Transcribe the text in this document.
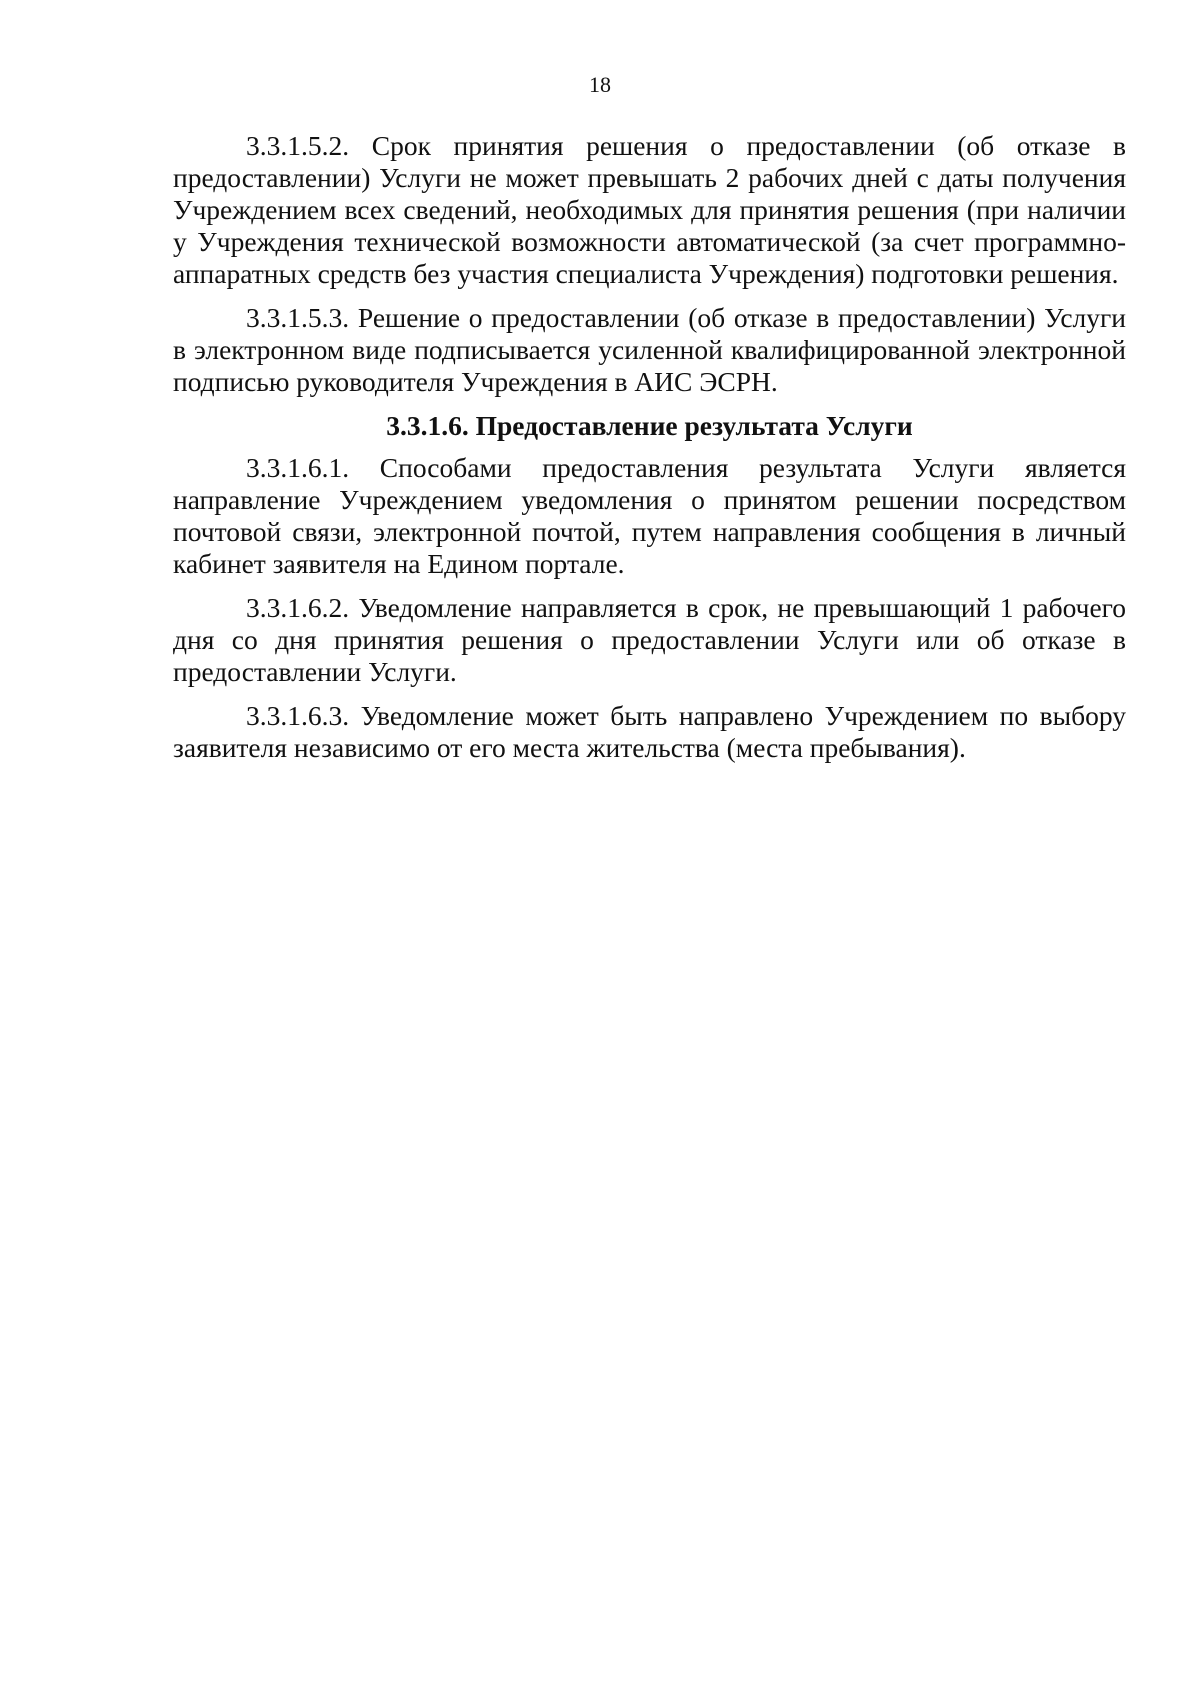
18

3.3.1.5.2. Срок принятия решения о предоставлении (об отказе в предоставлении) Услуги не может превышать 2 рабочих дней с даты получения Учреждением всех сведений, необходимых для принятия решения (при наличии у Учреждения технической возможности автоматической (за счет программно-аппаратных средств без участия специалиста Учреждения) подготовки решения.

3.3.1.5.3. Решение о предоставлении (об отказе в предоставлении) Услуги в электронном виде подписывается усиленной квалифицированной электронной подписью руководителя Учреждения в АИС ЭСРН.

3.3.1.6. Предоставление результата Услуги

3.3.1.6.1. Способами предоставления результата Услуги является направление Учреждением уведомления о принятом решении посредством почтовой связи, электронной почтой, путем направления сообщения в личный кабинет заявителя на Едином портале.

3.3.1.6.2. Уведомление направляется в срок, не превышающий 1 рабочего дня со дня принятия решения о предоставлении Услуги или об отказе в предоставлении Услуги.

3.3.1.6.3. Уведомление может быть направлено Учреждением по выбору заявителя независимо от его места жительства (места пребывания).
